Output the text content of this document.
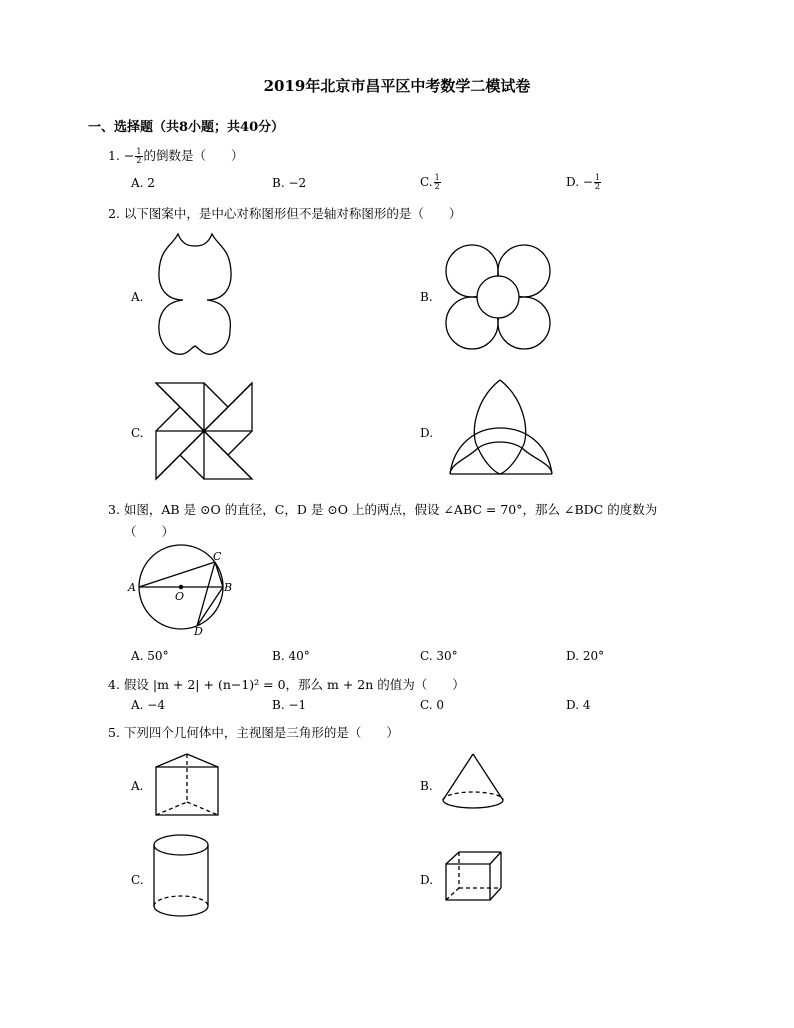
2019年北京市昌平区中考数学二模试卷
一、选择题（共8小题；共40分）
1. − $\frac{1}{2}$ 的倒数是（　　）
A. 2	B. −2	C. $\frac{1}{2}$	D. − $\frac{1}{2}$
2. 以下图案中，是中心对称图形但不是轴对称图形的是（　　）
A.	B.
C.	D.
3. 如图，AB 是 ⊙O 的直径，C，D 是 ⊙O 上的两点，假设 ∠ABC = 70°，那么 ∠BDC 的度数为
（　　）
A	B
C
D
O
A. 50°	B. 40°	C. 30°	D. 20°
4. 假设 |m + 2| + (n−1)² = 0，那么 m + 2n 的值为（　　）
A. −4	B. −1	C. 0	D. 4
5. 下列四个几何体中，主视图是三角形的是（　　）
A.	B.
C.	D.
